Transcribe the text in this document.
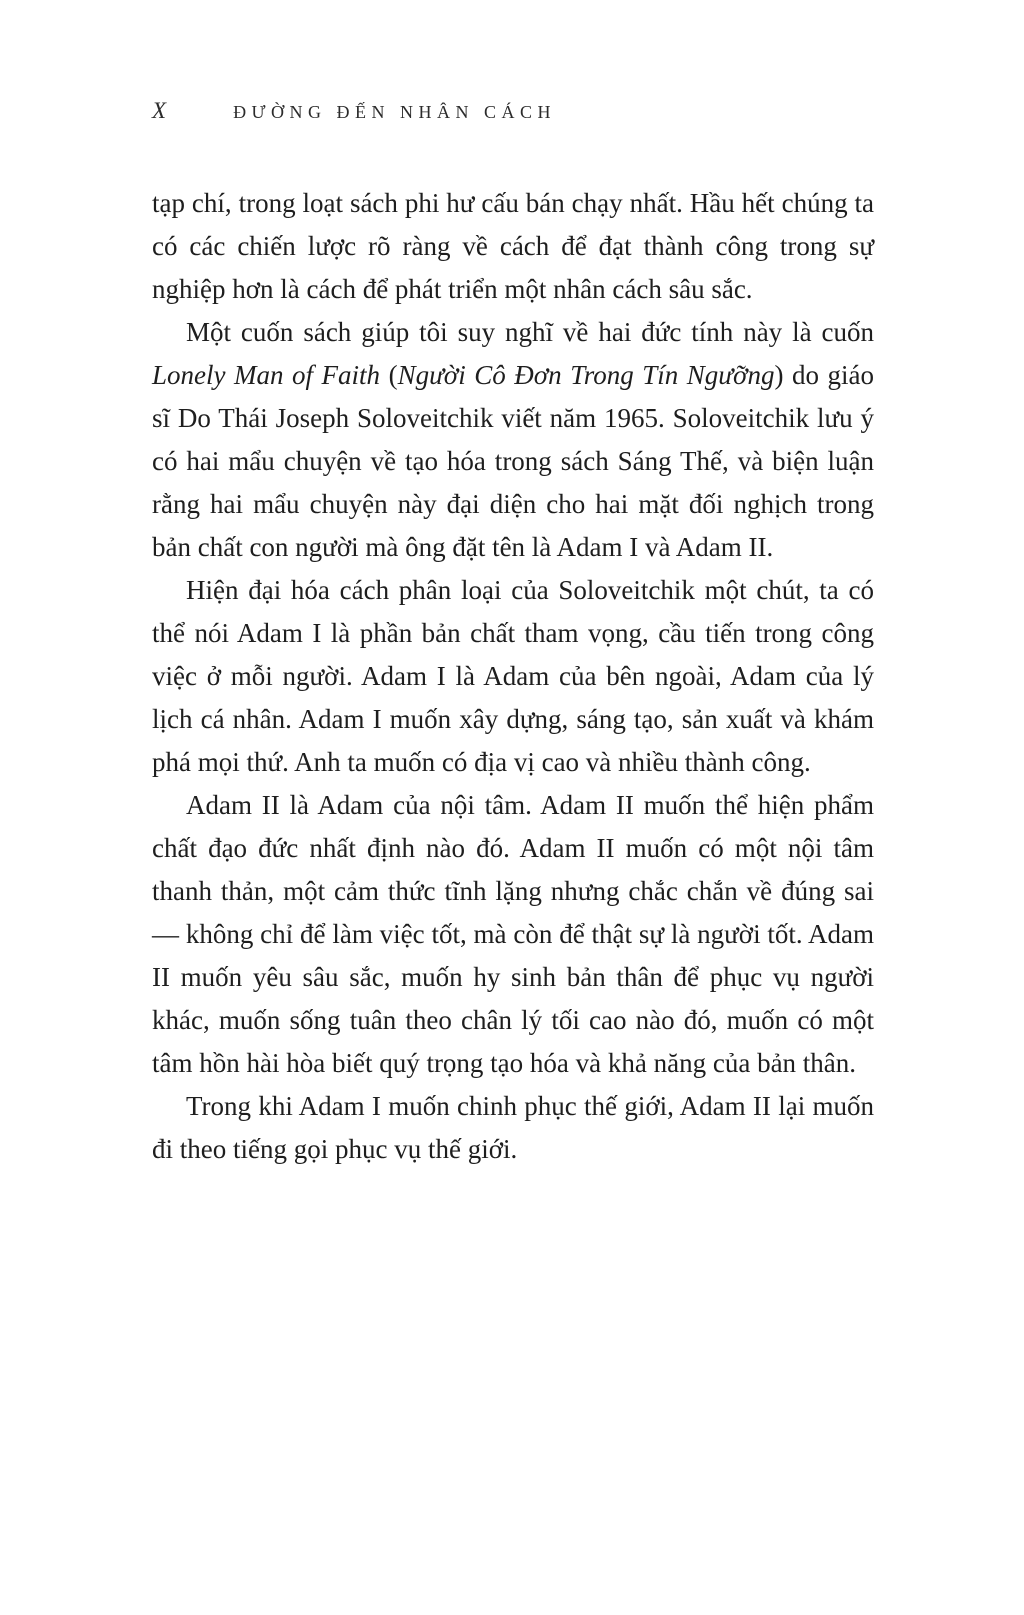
X	ĐƯỜNG ĐẾN NHÂN CÁCH

tạp chí, trong loạt sách phi hư cấu bán chạy nhất. Hầu hết chúng ta có các chiến lược rõ ràng về cách để đạt thành công trong sự nghiệp hơn là cách để phát triển một nhân cách sâu sắc.

Một cuốn sách giúp tôi suy nghĩ về hai đức tính này là cuốn Lonely Man of Faith (Người Cô Đơn Trong Tín Ngưỡng) do giáo sĩ Do Thái Joseph Soloveitchik viết năm 1965. Soloveitchik lưu ý có hai mẩu chuyện về tạo hóa trong sách Sáng Thế, và biện luận rằng hai mẩu chuyện này đại diện cho hai mặt đối nghịch trong bản chất con người mà ông đặt tên là Adam I và Adam II.

Hiện đại hóa cách phân loại của Soloveitchik một chút, ta có thể nói Adam I là phần bản chất tham vọng, cầu tiến trong công việc ở mỗi người. Adam I là Adam của bên ngoài, Adam của lý lịch cá nhân. Adam I muốn xây dựng, sáng tạo, sản xuất và khám phá mọi thứ. Anh ta muốn có địa vị cao và nhiều thành công.

Adam II là Adam của nội tâm. Adam II muốn thể hiện phẩm chất đạo đức nhất định nào đó. Adam II muốn có một nội tâm thanh thản, một cảm thức tĩnh lặng nhưng chắc chắn về đúng sai — không chỉ để làm việc tốt, mà còn để thật sự là người tốt. Adam II muốn yêu sâu sắc, muốn hy sinh bản thân để phục vụ người khác, muốn sống tuân theo chân lý tối cao nào đó, muốn có một tâm hồn hài hòa biết quý trọng tạo hóa và khả năng của bản thân.

Trong khi Adam I muốn chinh phục thế giới, Adam II lại muốn đi theo tiếng gọi phục vụ thế giới.
